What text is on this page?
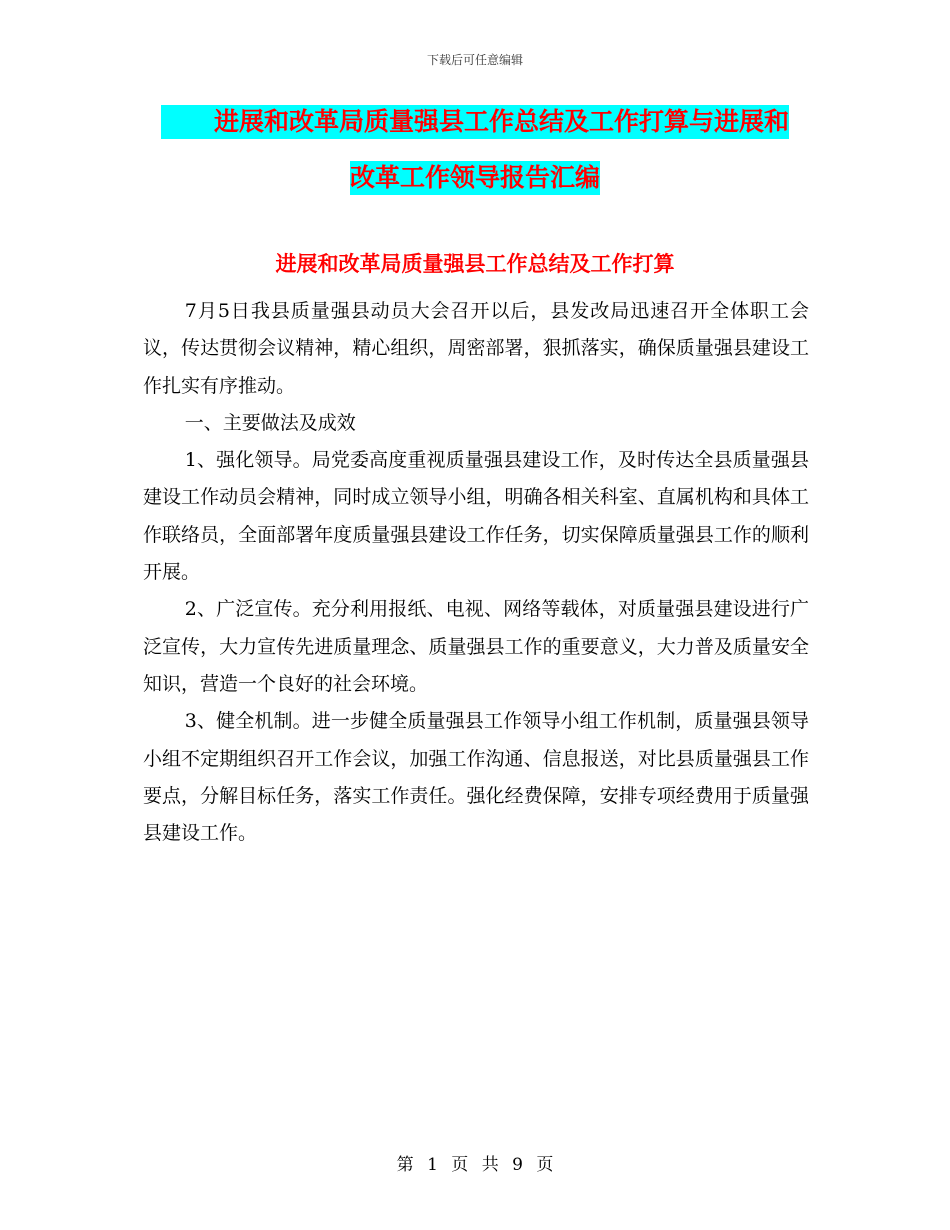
下载后可任意编辑
进展和改革局质量强县工作总结及工作打算与进展和
改革工作领导报告汇编
进展和改革局质量强县工作总结及工作打算

7月5日我县质量强县动员大会召开以后，县发改局迅速召开全体职工会议，传达贯彻会议精神，精心组织，周密部署，狠抓落实，确保质量强县建设工作扎实有序推动。

一、主要做法及成效

1、强化领导。局党委高度重视质量强县建设工作，及时传达全县质量强县建设工作动员会精神，同时成立领导小组，明确各相关科室、直属机构和具体工作联络员，全面部署年度质量强县建设工作任务，切实保障质量强县工作的顺利开展。

2、广泛宣传。充分利用报纸、电视、网络等载体，对质量强县建设进行广泛宣传，大力宣传先进质量理念、质量强县工作的重要意义，大力普及质量安全知识，营造一个良好的社会环境。

3、健全机制。进一步健全质量强县工作领导小组工作机制，质量强县领导小组不定期组织召开工作会议，加强工作沟通、信息报送，对比县质量强县工作要点，分解目标任务，落实工作责任。强化经费保障，安排专项经费用于质量强县建设工作。

第 1 页 共 9 页
